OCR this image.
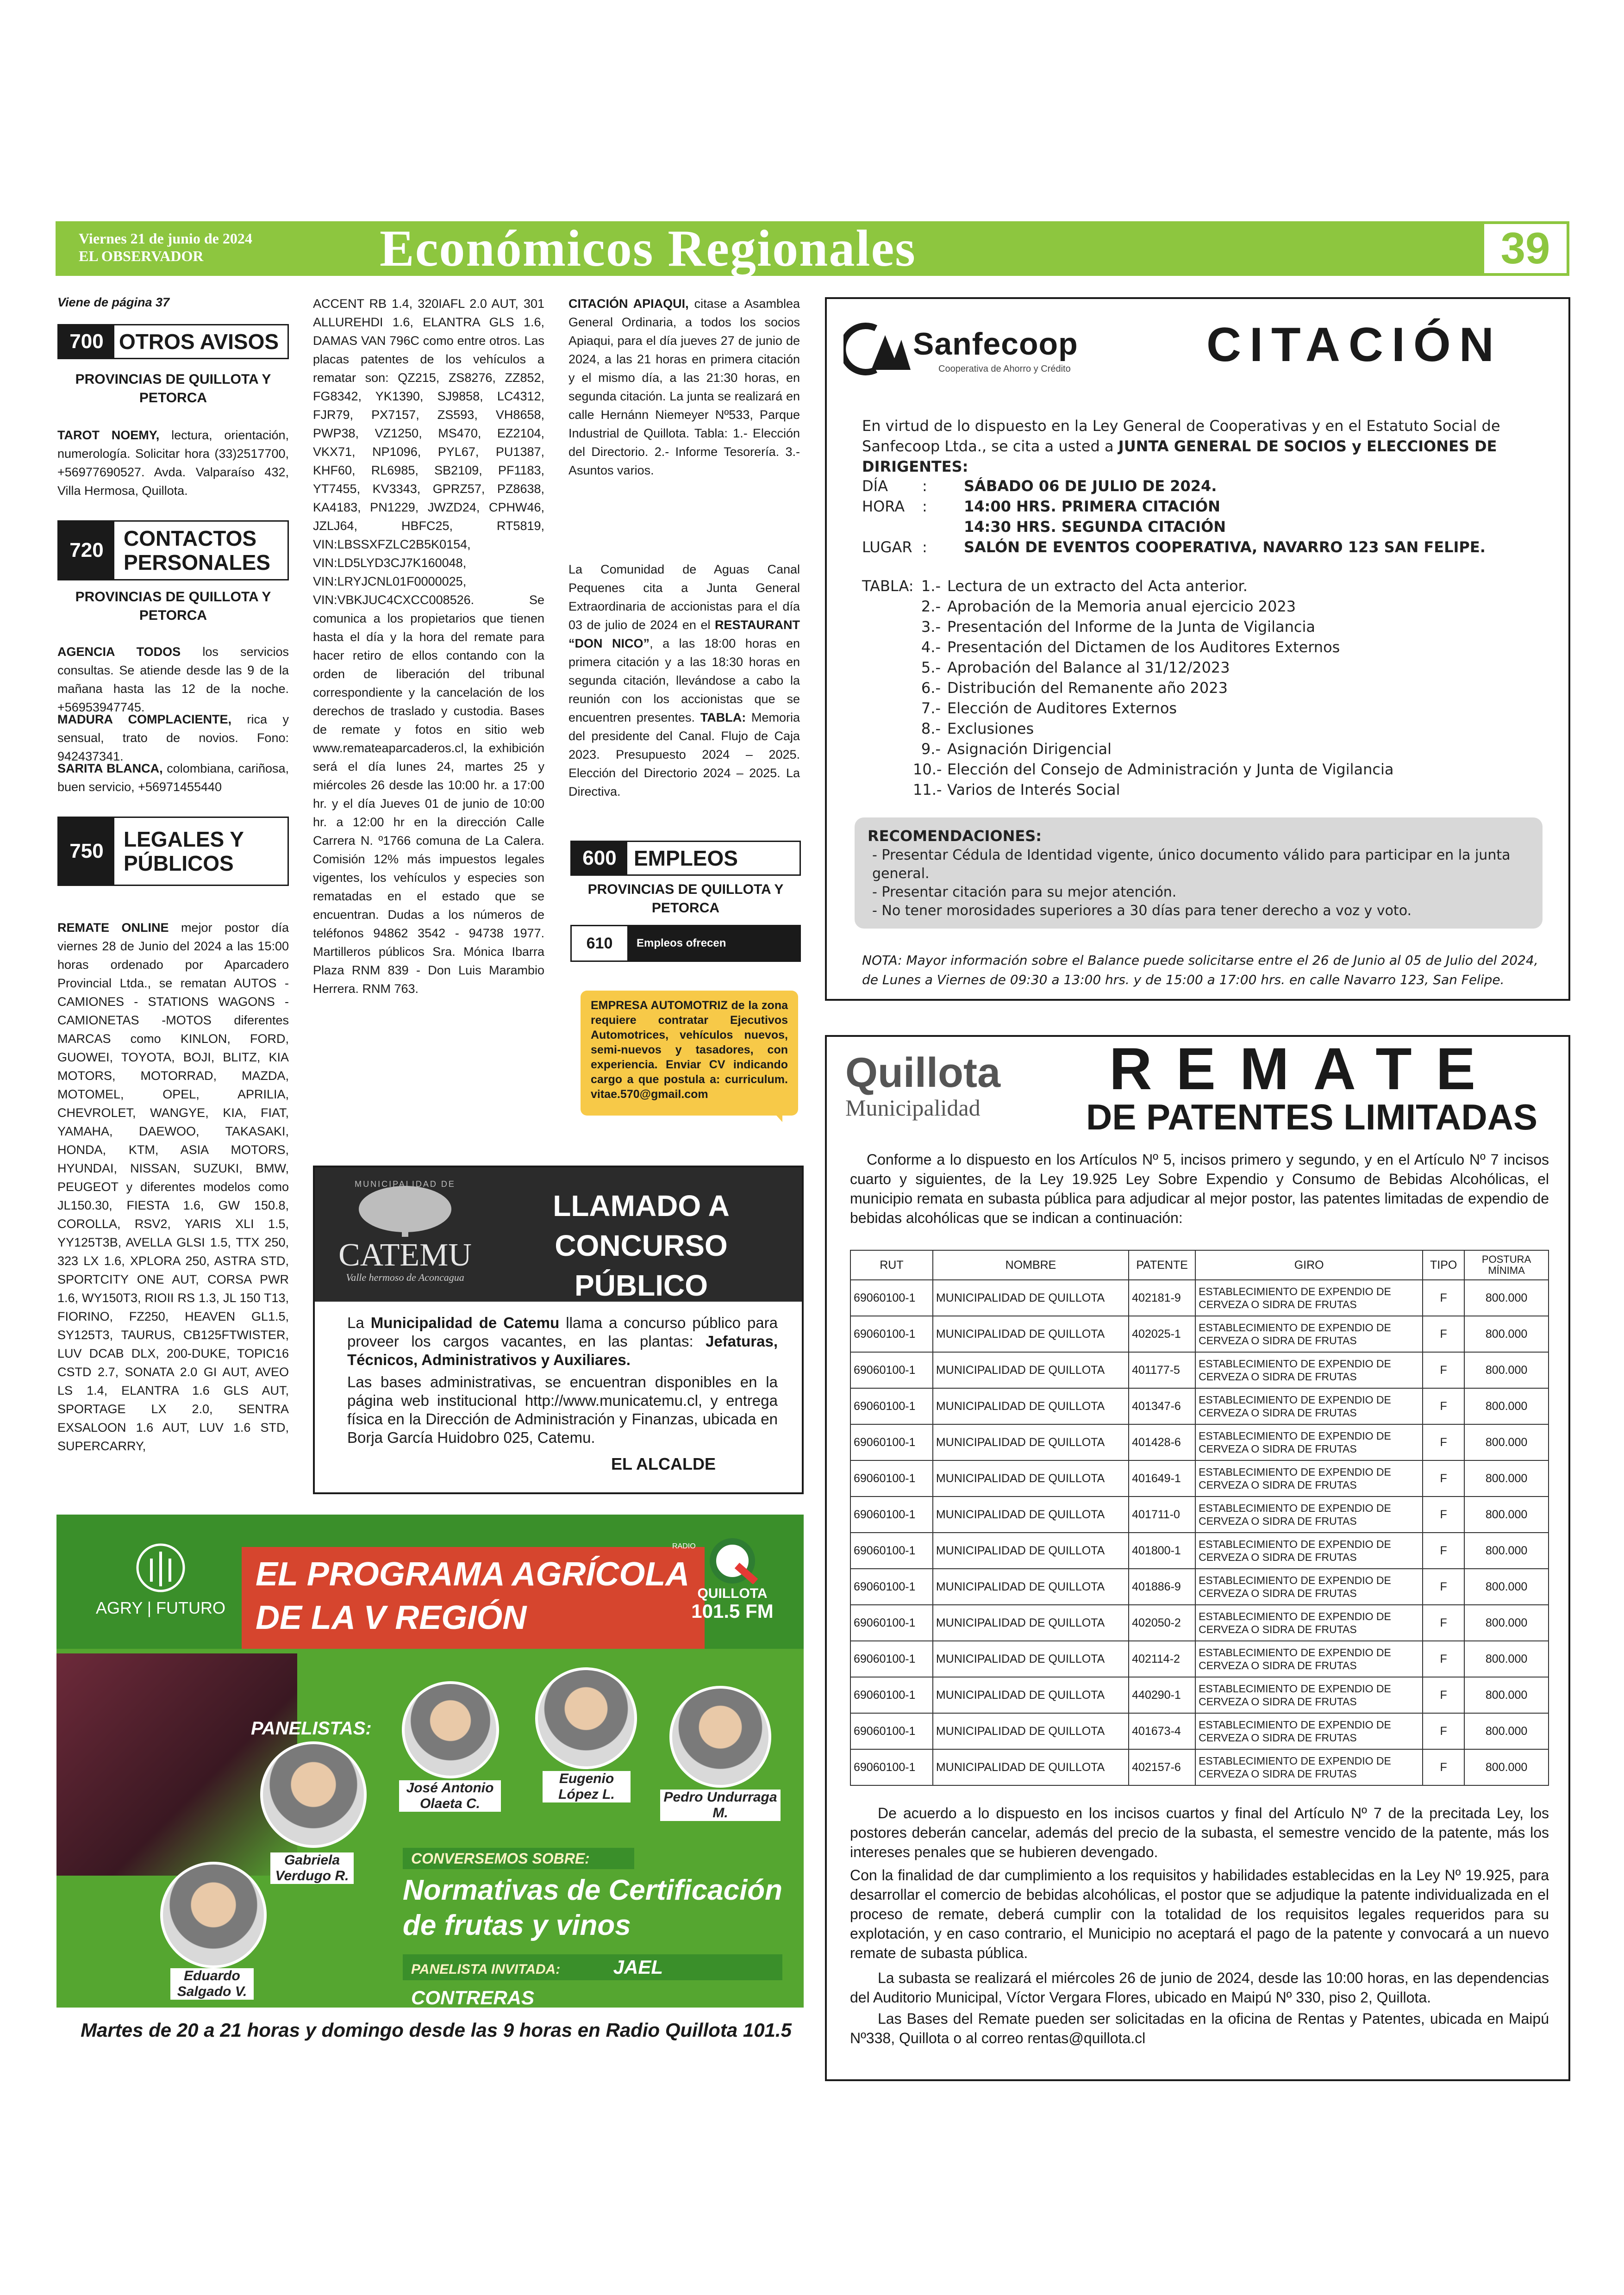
Viernes 21 de junio de 2024
EL OBSERVADOR	Económicos Regionales	39
Viene de página 37
700 OTROS AVISOS
PROVINCIAS DE QUILLOTA Y PETORCA
TAROT NOEMY, lectura, orientación, numerología. Solicitar hora (33)2517700, +56977690527. Avda. Valparaíso 432, Villa Hermosa, Quillota.
720 CONTACTOS
PERSONALES
PROVINCIAS DE QUILLOTA Y PETORCA
AGENCIA TODOS los servicios consultas. Se atiende desde las 9 de la mañana hasta las 12 de la noche. +56953947745.
MADURA COMPLACIENTE, rica y sensual, trato de novios. Fono: 942437341.
SARITA BLANCA, colombiana, cariñosa, buen servicio, +56971455440
750 LEGALES Y
PÚBLICOS
REMATE ONLINE mejor postor día viernes 28 de Junio del 2024 a las 15:00 horas ordenado por Aparcadero Provincial Ltda., se rematan AUTOS - CAMIONES - STATIONS WAGONS - CAMIONETAS -MOTOS diferentes MARCAS como KINLON, FORD, GUOWEI, TOYOTA, BOJI, BLITZ, KIA MOTORS, MOTORRAD, MAZDA, MOTOMEL, OPEL, APRILIA, CHEVROLET, WANGYE, KIA, FIAT, YAMAHA, DAEWOO, TAKASAKI, HONDA, KTM, ASIA MOTORS, HYUNDAI, NISSAN, SUZUKI, BMW, PEUGEOT y diferentes modelos como JL150.30, FIESTA 1.6, GW 150.8, COROLLA, RSV2, YARIS XLI 1.5, YY125T3B, AVELLA GLSI 1.5, TTX 250, 323 LX 1.6, XPLORA 250, ASTRA STD, SPORTCITY ONE AUT, CORSA PWR 1.6, WY150T3, RIOII RS 1.3, JL 150 T13, FIORINO, FZ250, HEAVEN GL1.5, SY125T3, TAURUS, CB125FTWISTER, LUV DCAB DLX, 200-DUKE, TOPIC16 CSTD 2.7, SONATA 2.0 GI AUT, AVEO LS 1.4, ELANTRA 1.6 GLS AUT, SPORTAGE LX 2.0, SENTRA EXSALOON 1.6 AUT, LUV 1.6 STD, SUPERCARRY,
ACCENT RB 1.4, 320IAFL 2.0 AUT, 301 ALLUREHDI 1.6, ELANTRA GLS 1.6, DAMAS VAN 796C como entre otros. Las placas patentes de los vehículos a rematar son: QZ215, ZS8276, ZZ852, FG8342, YK1390, SJ9858, LC4312, FJR79, PX7157, ZS593, VH8658, PWP38, VZ1250, MS470, EZ2104, VKX71, NP1096, PYL67, PU1387, KHF60, RL6985, SB2109, PF1183, YT7455, KV3343, GPRZ57, PZ8638, KA4183, PN1229, JWZD24, CPHW46, JZLJ64, HBFC25, RT5819, VIN:LBSSXFZLC2B5K0154, VIN:LD5LYD3CJ7K160048, VIN:LRYJCNL01F0000025, VIN:VBKJUC4CXCC008526. Se comunica a los propietarios que tienen hasta el día y la hora del remate para hacer retiro de ellos contando con la orden de liberación del tribunal correspondiente y la cancelación de los derechos de traslado y custodia. Bases de remate y fotos en sitio web www.remateaparcaderos.cl, la exhibición será el día lunes 24, martes 25 y miércoles 26 desde las 10:00 hr. a 17:00 hr. y el día Jueves 01 de junio de 10:00 hr. a 12:00 hr en la dirección Calle Carrera N. º1766 comuna de La Calera. Comisión 12% más impuestos legales vigentes, los vehículos y especies son rematadas en el estado que se encuentran. Dudas a los números de teléfonos 94862 3542 - 94738 1977. Martilleros públicos Sra. Mónica Ibarra Plaza RNM 839 - Don Luis Marambio Herrera. RNM 763.
CITACIÓN APIAQUI, citase a Asamblea General Ordinaria, a todos los socios Apiaqui, para el día jueves 27 de junio de 2024, a las 21 horas en primera citación y el mismo día, a las 21:30 horas, en segunda citación. La junta se realizará en calle Hernánn Niemeyer Nº533, Parque Industrial de Quillota. Tabla: 1.- Elección del Directorio. 2.- Informe Tesorería. 3.- Asuntos varios.
La Comunidad de Aguas Canal Pequenes cita a Junta General Extraordinaria de accionistas para el día 03 de julio de 2024 en el RESTAURANT “DON NICO”, a las 18:00 horas en primera citación y a las 18:30 horas en segunda citación, llevándose a cabo la reunión con los accionistas que se encuentren presentes. TABLA: Memoria del presidente del Canal. Flujo de Caja 2023. Presupuesto 2024 – 2025. Elección del Directorio 2024 – 2025. La Directiva.
600 EMPLEOS
PROVINCIAS DE QUILLOTA Y PETORCA
610	Empleos ofrecen
EMPRESA AUTOMOTRIZ de la zona requiere contratar Ejecutivos Automotrices, vehículos nuevos, semi-nuevos y tasadores, con experiencia. Enviar CV indicando cargo a que postula a: curriculum. vitae.570@gmail.com
MUNICIPALIDAD DE
CATEMU
Valle hermoso de Aconcagua
LLAMADO A
CONCURSO PÚBLICO
La Municipalidad de Catemu llama a concurso público para proveer los cargos vacantes, en las plantas: Jefaturas, Técnicos, Administrativos y Auxiliares.
Las bases administrativas, se encuentran disponibles en la página web institucional http://www.municatemu.cl, y entrega física en la Dirección de Administración y Finanzas, ubicada en Borja García Huidobro 025, Catemu.
EL ALCALDE
AGRY | FUTURO
EL PROGRAMA AGRÍCOLA
DE LA V REGIÓN
RADIO
QUILLOTA
101.5 FM
PANELISTAS:
José Antonio Olaeta C.
Eugenio López L.	Pedro Undurraga M.
Gabriela Verdugo R.
Eduardo Salgado V.
CONVERSEMOS SOBRE:
Normativas de Certificación
de frutas y vinos
PANELISTA INVITADA:	JAEL CONTRERAS
Martes de 20 a 21 horas y domingo desde las 9 horas en Radio Quillota 101.5
Sanfecoop
Cooperativa de Ahorro y Crédito	CITACIÓN
En virtud de lo dispuesto en la Ley General de Cooperativas y en el Estatuto Social de Sanfecoop Ltda., se cita a usted a JUNTA GENERAL DE SOCIOS y ELECCIONES DE DIRIGENTES:
DÍA : SÁBADO 06 DE JULIO DE 2024.
HORA : 14:00 HRS. PRIMERA CITACIÓN
14:30 HRS. SEGUNDA CITACIÓN
LUGAR : SALÓN DE EVENTOS COOPERATIVA, NAVARRO 123 SAN FELIPE.
TABLA: 1.- Lectura de un extracto del Acta anterior.
2.- Aprobación de la Memoria anual ejercicio 2023
3.- Presentación del Informe de la Junta de Vigilancia
4.- Presentación del Dictamen de los Auditores Externos
5.- Aprobación del Balance al 31/12/2023
6.- Distribución del Remanente año 2023
7.- Elección de Auditores Externos
8.- Exclusiones
9.- Asignación Dirigencial
10.- Elección del Consejo de Administración y Junta de Vigilancia
11.- Varios de Interés Social
RECOMENDACIONES:
- Presentar Cédula de Identidad vigente, único documento válido para participar en la junta general.
- Presentar citación para su mejor atención.
- No tener morosidades superiores a 30 días para tener derecho a voz y voto.
NOTA: Mayor información sobre el Balance puede solicitarse entre el 26 de Junio al 05 de Julio del 2024, de Lunes a Viernes de 09:30 a 13:00 hrs. y de 15:00 a 17:00 hrs. en calle Navarro 123, San Felipe.
Quillota
Municipalidad
REMATE
DE PATENTES LIMITADAS
Conforme a lo dispuesto en los Artículos Nº 5, incisos primero y segundo, y en el Artículo Nº 7 incisos cuarto y siguientes, de la Ley 19.925 Ley Sobre Expendio y Consumo de Bebidas Alcohólicas, el municipio remata en subasta pública para adjudicar al mejor postor, las patentes limitadas de expendio de bebidas alcohólicas que se indican a continuación:
RUT	NOMBRE	PATENTE	GIRO	TIPO	POSTURA MÍNIMA
69060100-1	MUNICIPALIDAD DE QUILLOTA	402181-9	ESTABLECIMIENTO DE EXPENDIO DE CERVEZA O SIDRA DE FRUTAS	F	800.000
69060100-1	MUNICIPALIDAD DE QUILLOTA	402025-1	ESTABLECIMIENTO DE EXPENDIO DE CERVEZA O SIDRA DE FRUTAS	F	800.000
69060100-1	MUNICIPALIDAD DE QUILLOTA	401177-5	ESTABLECIMIENTO DE EXPENDIO DE CERVEZA O SIDRA DE FRUTAS	F	800.000
69060100-1	MUNICIPALIDAD DE QUILLOTA	401347-6	ESTABLECIMIENTO DE EXPENDIO DE CERVEZA O SIDRA DE FRUTAS	F	800.000
69060100-1	MUNICIPALIDAD DE QUILLOTA	401428-6	ESTABLECIMIENTO DE EXPENDIO DE CERVEZA O SIDRA DE FRUTAS	F	800.000
69060100-1	MUNICIPALIDAD DE QUILLOTA	401649-1	ESTABLECIMIENTO DE EXPENDIO DE CERVEZA O SIDRA DE FRUTAS	F	800.000
69060100-1	MUNICIPALIDAD DE QUILLOTA	401711-0	ESTABLECIMIENTO DE EXPENDIO DE CERVEZA O SIDRA DE FRUTAS	F	800.000
69060100-1	MUNICIPALIDAD DE QUILLOTA	401800-1	ESTABLECIMIENTO DE EXPENDIO DE CERVEZA O SIDRA DE FRUTAS	F	800.000
69060100-1	MUNICIPALIDAD DE QUILLOTA	401886-9	ESTABLECIMIENTO DE EXPENDIO DE CERVEZA O SIDRA DE FRUTAS	F	800.000
69060100-1	MUNICIPALIDAD DE QUILLOTA	402050-2	ESTABLECIMIENTO DE EXPENDIO DE CERVEZA O SIDRA DE FRUTAS	F	800.000
69060100-1	MUNICIPALIDAD DE QUILLOTA	402114-2	ESTABLECIMIENTO DE EXPENDIO DE CERVEZA O SIDRA DE FRUTAS	F	800.000
69060100-1	MUNICIPALIDAD DE QUILLOTA	440290-1	ESTABLECIMIENTO DE EXPENDIO DE CERVEZA O SIDRA DE FRUTAS	F	800.000
69060100-1	MUNICIPALIDAD DE QUILLOTA	401673-4	ESTABLECIMIENTO DE EXPENDIO DE CERVEZA O SIDRA DE FRUTAS	F	800.000
69060100-1	MUNICIPALIDAD DE QUILLOTA	402157-6	ESTABLECIMIENTO DE EXPENDIO DE CERVEZA O SIDRA DE FRUTAS	F	800.000
De acuerdo a lo dispuesto en los incisos cuartos y final del Artículo Nº 7 de la precitada Ley, los postores deberán cancelar, además del precio de la subasta, el semestre vencido de la patente, más los intereses penales que se hubieren devengado.
Con la finalidad de dar cumplimiento a los requisitos y habilidades establecidas en la Ley Nº 19.925, para desarrollar el comercio de bebidas alcohólicas, el postor que se adjudique la patente individualizada en el proceso de remate, deberá cumplir con la totalidad de los requisitos legales requeridos para su explotación, y en caso contrario, el Municipio no aceptará el pago de la patente y convocará a un nuevo remate de subasta pública.
La subasta se realizará el miércoles 26 de junio de 2024, desde las 10:00 horas, en las dependencias del Auditorio Municipal, Víctor Vergara Flores, ubicado en Maipú Nº 330, piso 2, Quillota.
Las Bases del Remate pueden ser solicitadas en la oficina de Rentas y Patentes, ubicada en Maipú Nº338, Quillota o al correo rentas@quillota.cl
